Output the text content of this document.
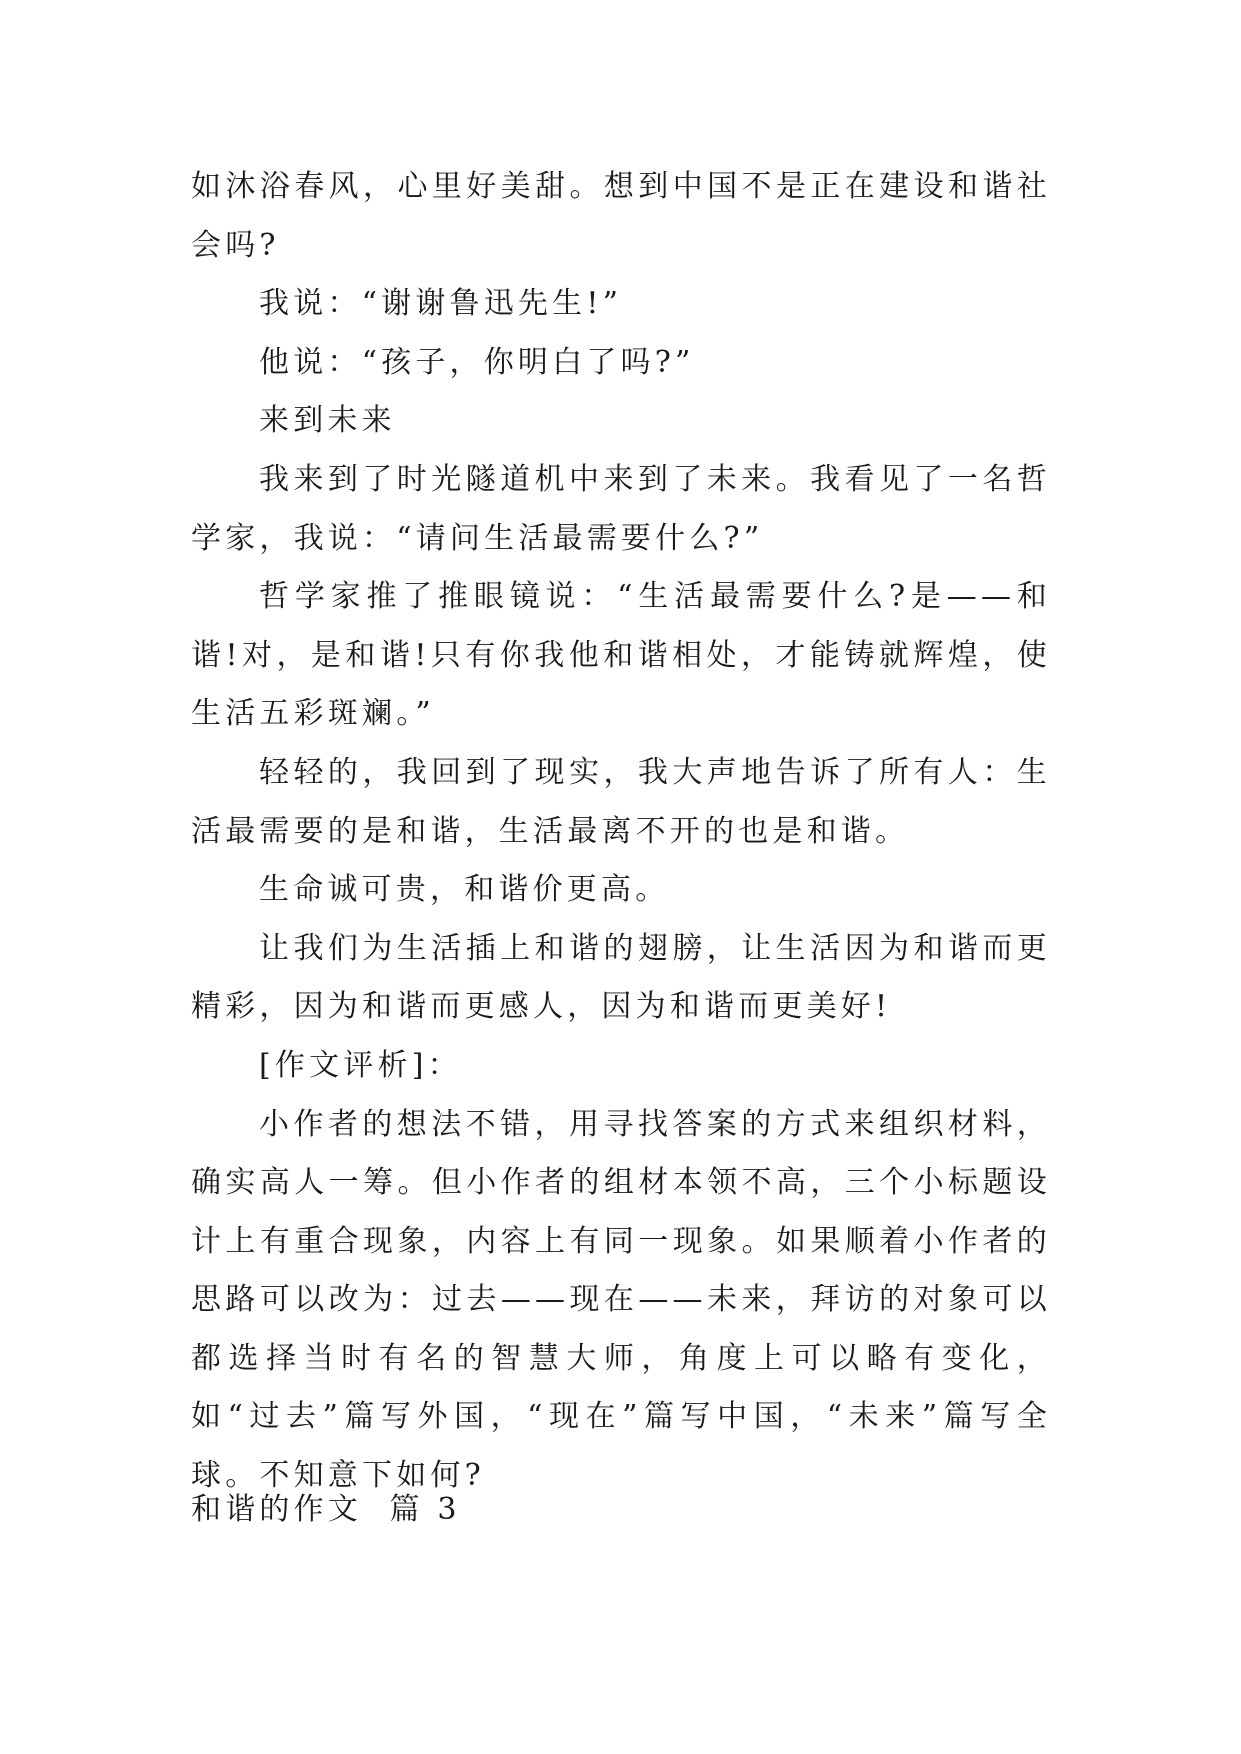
如沐浴春风，心里好美甜。想到中国不是正在建设和谐社会吗?

我说：“谢谢鲁迅先生!”

他说：“孩子，你明白了吗?”

来到未来

我来到了时光隧道机中来到了未来。我看见了一名哲学家，我说：“请问生活最需要什么?”

哲学家推了推眼镜说：“生活最需要什么?是——和谐!对，是和谐!只有你我他和谐相处，才能铸就辉煌，使生活五彩斑斓。”

轻轻的，我回到了现实，我大声地告诉了所有人：生活最需要的是和谐，生活最离不开的也是和谐。

生命诚可贵，和谐价更高。

让我们为生活插上和谐的翅膀，让生活因为和谐而更精彩，因为和谐而更感人，因为和谐而更美好!

[作文评析]：

小作者的想法不错，用寻找答案的方式来组织材料，确实高人一筹。但小作者的组材本领不高，三个小标题设计上有重合现象，内容上有同一现象。如果顺着小作者的思路可以改为：过去——现在——未来，拜访的对象可以都选择当时有名的智慧大师，角度上可以略有变化，如“过去”篇写外国，“现在”篇写中国，“未来”篇写全球。不知意下如何?

和谐的作文  篇 3
